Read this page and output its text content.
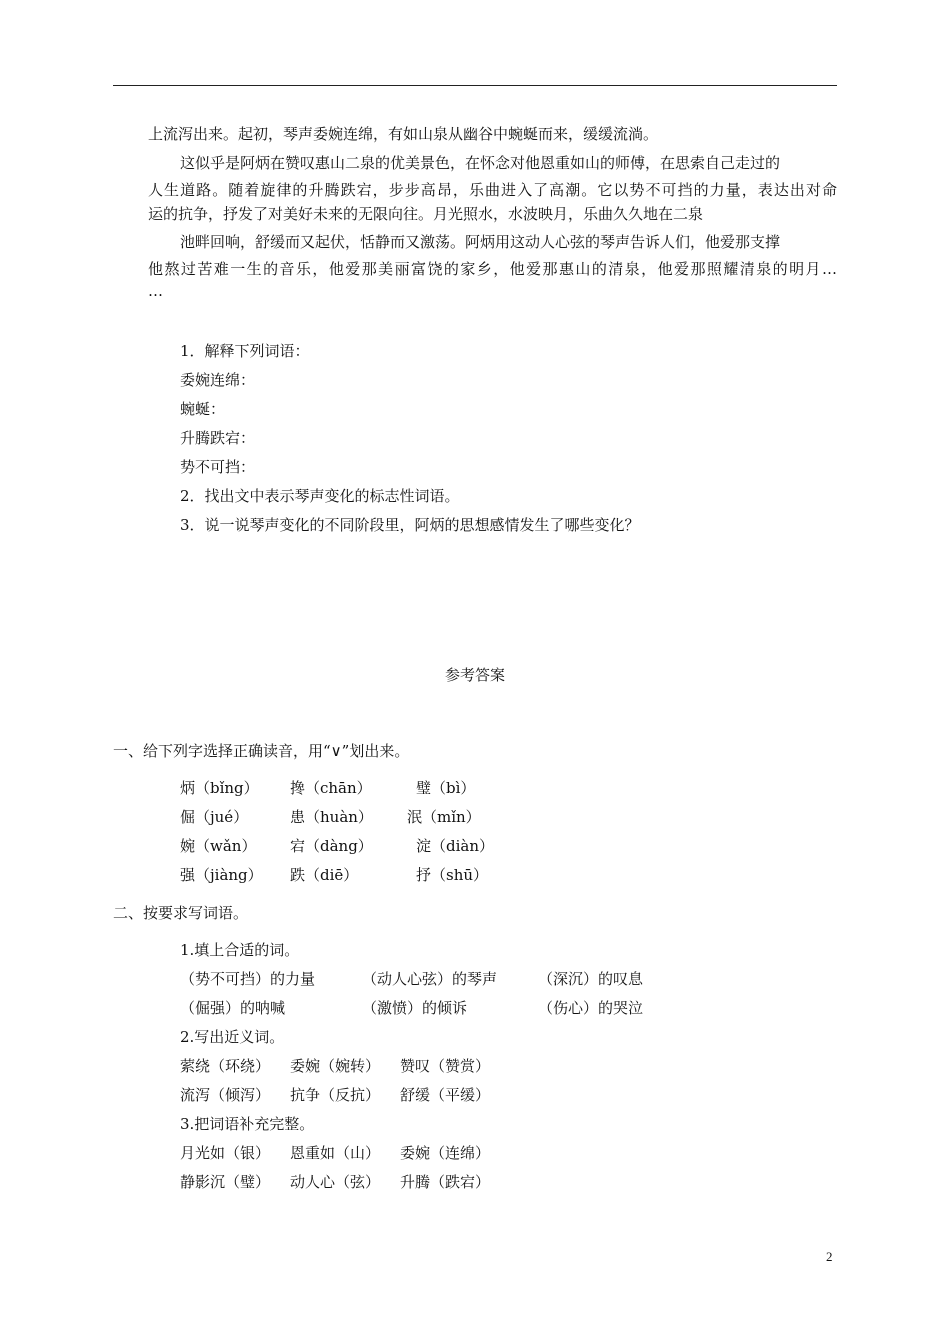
上流泻出来。起初，琴声委婉连绵，有如山泉从幽谷中蜿蜒而来，缓缓流淌。
这似乎是阿炳在赞叹惠山二泉的优美景色，在怀念对他恩重如山的师傅，在思索自己走过的
人生道路。随着旋律的升腾跌宕，步步高昂，乐曲进入了高潮。它以势不可挡的力量，表达出对命
运的抗争，抒发了对美好未来的无限向往。月光照水，水波映月，乐曲久久地在二泉
池畔回响，舒缓而又起伏，恬静而又激荡。阿炳用这动人心弦的琴声告诉人们，他爱那支撑
他熬过苦难一生的音乐，他爱那美丽富饶的家乡，他爱那惠山的清泉，他爱那照耀清泉的明月…
…
1．解释下列词语：
委婉连绵：
蜿蜒：
升腾跌宕：
势不可挡：
2．找出文中表示琴声变化的标志性词语。
3．说一说琴声变化的不同阶段里，阿炳的思想感情发生了哪些变化？
参考答案
一、给下列字选择正确读音，用“∨”划出来。
炳（bǐng） 搀（chān）	璧（bì）
倔（jué）	患（huàn） 泯（mǐn）
婉（wǎn） 宕（dàng）	淀（diàn）
强（jiàng） 跌（diē）	抒（shū）
二、按要求写词语。
1.填上合适的词。
（势不可挡）的力量	（动人心弦）的琴声	（深沉）的叹息
（倔强）的呐喊	（激愤）的倾诉	（伤心）的哭泣
2.写出近义词。
萦绕（环绕） 委婉（婉转） 赞叹（赞赏）
流泻（倾泻） 抗争（反抗） 舒缓（平缓）
3.把词语补充完整。
月光如（银） 恩重如（山） 委婉（连绵）
静影沉（璧） 动人心（弦） 升腾（跌宕）
2
